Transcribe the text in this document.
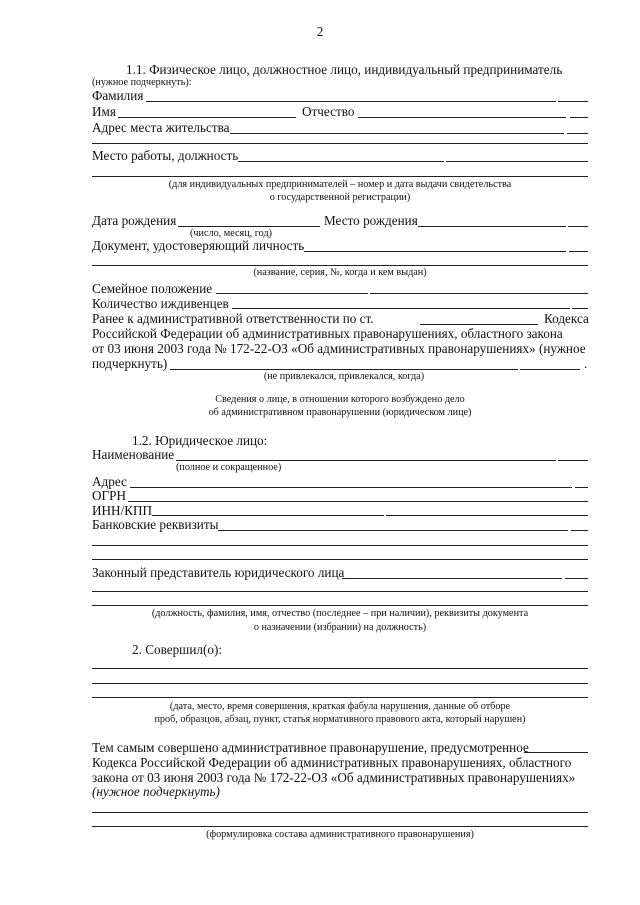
2
1.1. Физическое лицо, должностное лицо, индивидуальный предприниматель
(нужное подчеркнуть):
Фамилия
Имя	Отчество
Адрес места жительства
Место работы, должность
(для индивидуальных предпринимателей – номер и дата выдачи свидетельства
о государственной регистрации)
Дата рождения	Место рождения
(число, месяц, год)
Документ, удостоверяющий личность
(название, серия, №, когда и кем выдан)
Семейное положение
Количество иждивенцев
Ранее к административной ответственности по ст.	Кодекса
Российской Федерации об административных правонарушениях, областного закона
от 03 июня 2003 года № 172-22-ОЗ «Об административных правонарушениях» (нужное
подчеркнуть)	.
(не привлекался, привлекался, когда)
Сведения о лице, в отношении которого возбуждено дело
об административном правонарушении (юридическом лице)
1.2. Юридическое лицо:
Наименование
(полное и сокращенное)
Адрес
ОГРН
ИНН/КПП
Банковские реквизиты
Законный представитель юридического лица
(должность, фамилия, имя, отчество (последнее – при наличии), реквизиты документа
о назначении (избрании) на должность)
2. Совершил(о):
(дата, место, время совершения, краткая фабула нарушения, данные об отборе
проб, образцов, абзац, пункт, статья нормативного правового акта, который нарушен)
Тем самым совершено административное правонарушение, предусмотренное
Кодекса Российской Федерации об административных правонарушениях, областного
закона от 03 июня 2003 года № 172-22-ОЗ «Об административных правонарушениях»
(нужное подчеркнуть)
(формулировка состава административного правонарушения)
